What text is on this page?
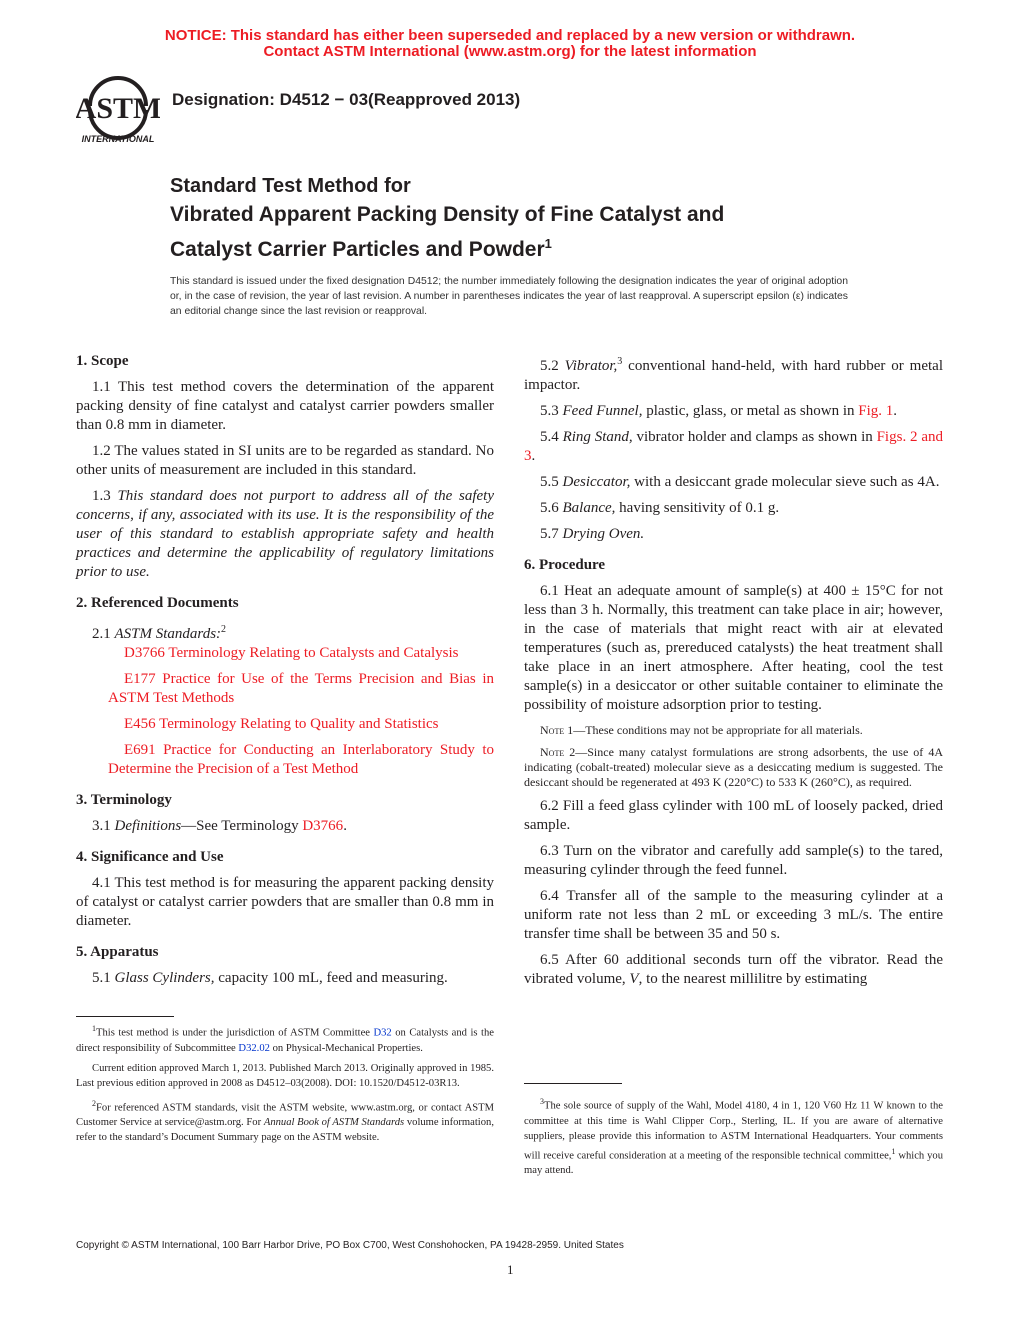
NOTICE: This standard has either been superseded and replaced by a new version or withdrawn.
Contact ASTM International (www.astm.org) for the latest information
ASTM
INTERNATIONAL
Designation: D4512 − 03(Reapproved 2013)
Standard Test Method for
Vibrated Apparent Packing Density of Fine Catalyst and
Catalyst Carrier Particles and Powder$^1$
This standard is issued under the fixed designation D4512; the number immediately following the designation indicates the year of original adoption or, in the case of revision, the year of last revision. A number in parentheses indicates the year of last reapproval. A superscript epsilon (ε) indicates an editorial change since the last revision or reapproval.
1. Scope

1.1 This test method covers the determination of the apparent packing density of fine catalyst and catalyst carrier powders smaller than 0.8 mm in diameter.

1.2 The values stated in SI units are to be regarded as standard. No other units of measurement are included in this standard.

1.3 This standard does not purport to address all of the safety concerns, if any, associated with its use. It is the responsibility of the user of this standard to establish appropriate safety and health practices and determine the applicability of regulatory limitations prior to use.

2. Referenced Documents

2.1 ASTM Standards:$^2$

D3766 Terminology Relating to Catalysts and Catalysis

E177 Practice for Use of the Terms Precision and Bias in ASTM Test Methods

E456 Terminology Relating to Quality and Statistics

E691 Practice for Conducting an Interlaboratory Study to Determine the Precision of a Test Method

3. Terminology

3.1 Definitions—See Terminology D3766.

4. Significance and Use

4.1 This test method is for measuring the apparent packing density of catalyst or catalyst carrier powders that are smaller than 0.8 mm in diameter.

5. Apparatus

5.1 Glass Cylinders, capacity 100 mL, feed and measuring.

5.2 Vibrator,$^3$ conventional hand-held, with hard rubber or metal impactor.

5.3 Feed Funnel, plastic, glass, or metal as shown in Fig. 1.

5.4 Ring Stand, vibrator holder and clamps as shown in Figs. 2 and 3.

5.5 Desiccator, with a desiccant grade molecular sieve such as 4A.

5.6 Balance, having sensitivity of 0.1 g.

5.7 Drying Oven.

6. Procedure

6.1 Heat an adequate amount of sample(s) at 400 ± 15°C for not less than 3 h. Normally, this treatment can take place in air; however, in the case of materials that might react with air at elevated temperatures (such as, prereduced catalysts) the heat treatment shall take place in an inert atmosphere. After heating, cool the test sample(s) in a desiccator or other suitable container to eliminate the possibility of moisture adsorption prior to testing.

Note 1—These conditions may not be appropriate for all materials.

Note 2—Since many catalyst formulations are strong adsorbents, the use of 4A indicating (cobalt-treated) molecular sieve as a desiccating medium is suggested. The desiccant should be regenerated at 493 K (220°C) to 533 K (260°C), as required.

6.2 Fill a feed glass cylinder with 100 mL of loosely packed, dried sample.

6.3 Turn on the vibrator and carefully add sample(s) to the tared, measuring cylinder through the feed funnel.

6.4 Transfer all of the sample to the measuring cylinder at a uniform rate not less than 2 mL or exceeding 3 mL/s. The entire transfer time shall be between 35 and 50 s.

6.5 After 60 additional seconds turn off the vibrator. Read the vibrated volume, V, to the nearest millilitre by estimating

$^1$This test method is under the jurisdiction of ASTM Committee D32 on Catalysts and is the direct responsibility of Subcommittee D32.02 on Physical-Mechanical Properties.

Current edition approved March 1, 2013. Published March 2013. Originally approved in 1985. Last previous edition approved in 2008 as D4512–03(2008). DOI: 10.1520/D4512-03R13.

$^2$For referenced ASTM standards, visit the ASTM website, www.astm.org, or contact ASTM Customer Service at service@astm.org. For Annual Book of ASTM Standards volume information, refer to the standard’s Document Summary page on the ASTM website.

$^3$The sole source of supply of the Wahl, Model 4180, 4 in 1, 120 V60 Hz 11 W known to the committee at this time is Wahl Clipper Corp., Sterling, IL. If you are aware of alternative suppliers, please provide this information to ASTM International Headquarters. Your comments will receive careful consideration at a meeting of the responsible technical committee,$^1$ which you may attend.

Copyright © ASTM International, 100 Barr Harbor Drive, PO Box C700, West Conshohocken, PA 19428-2959. United States
1
